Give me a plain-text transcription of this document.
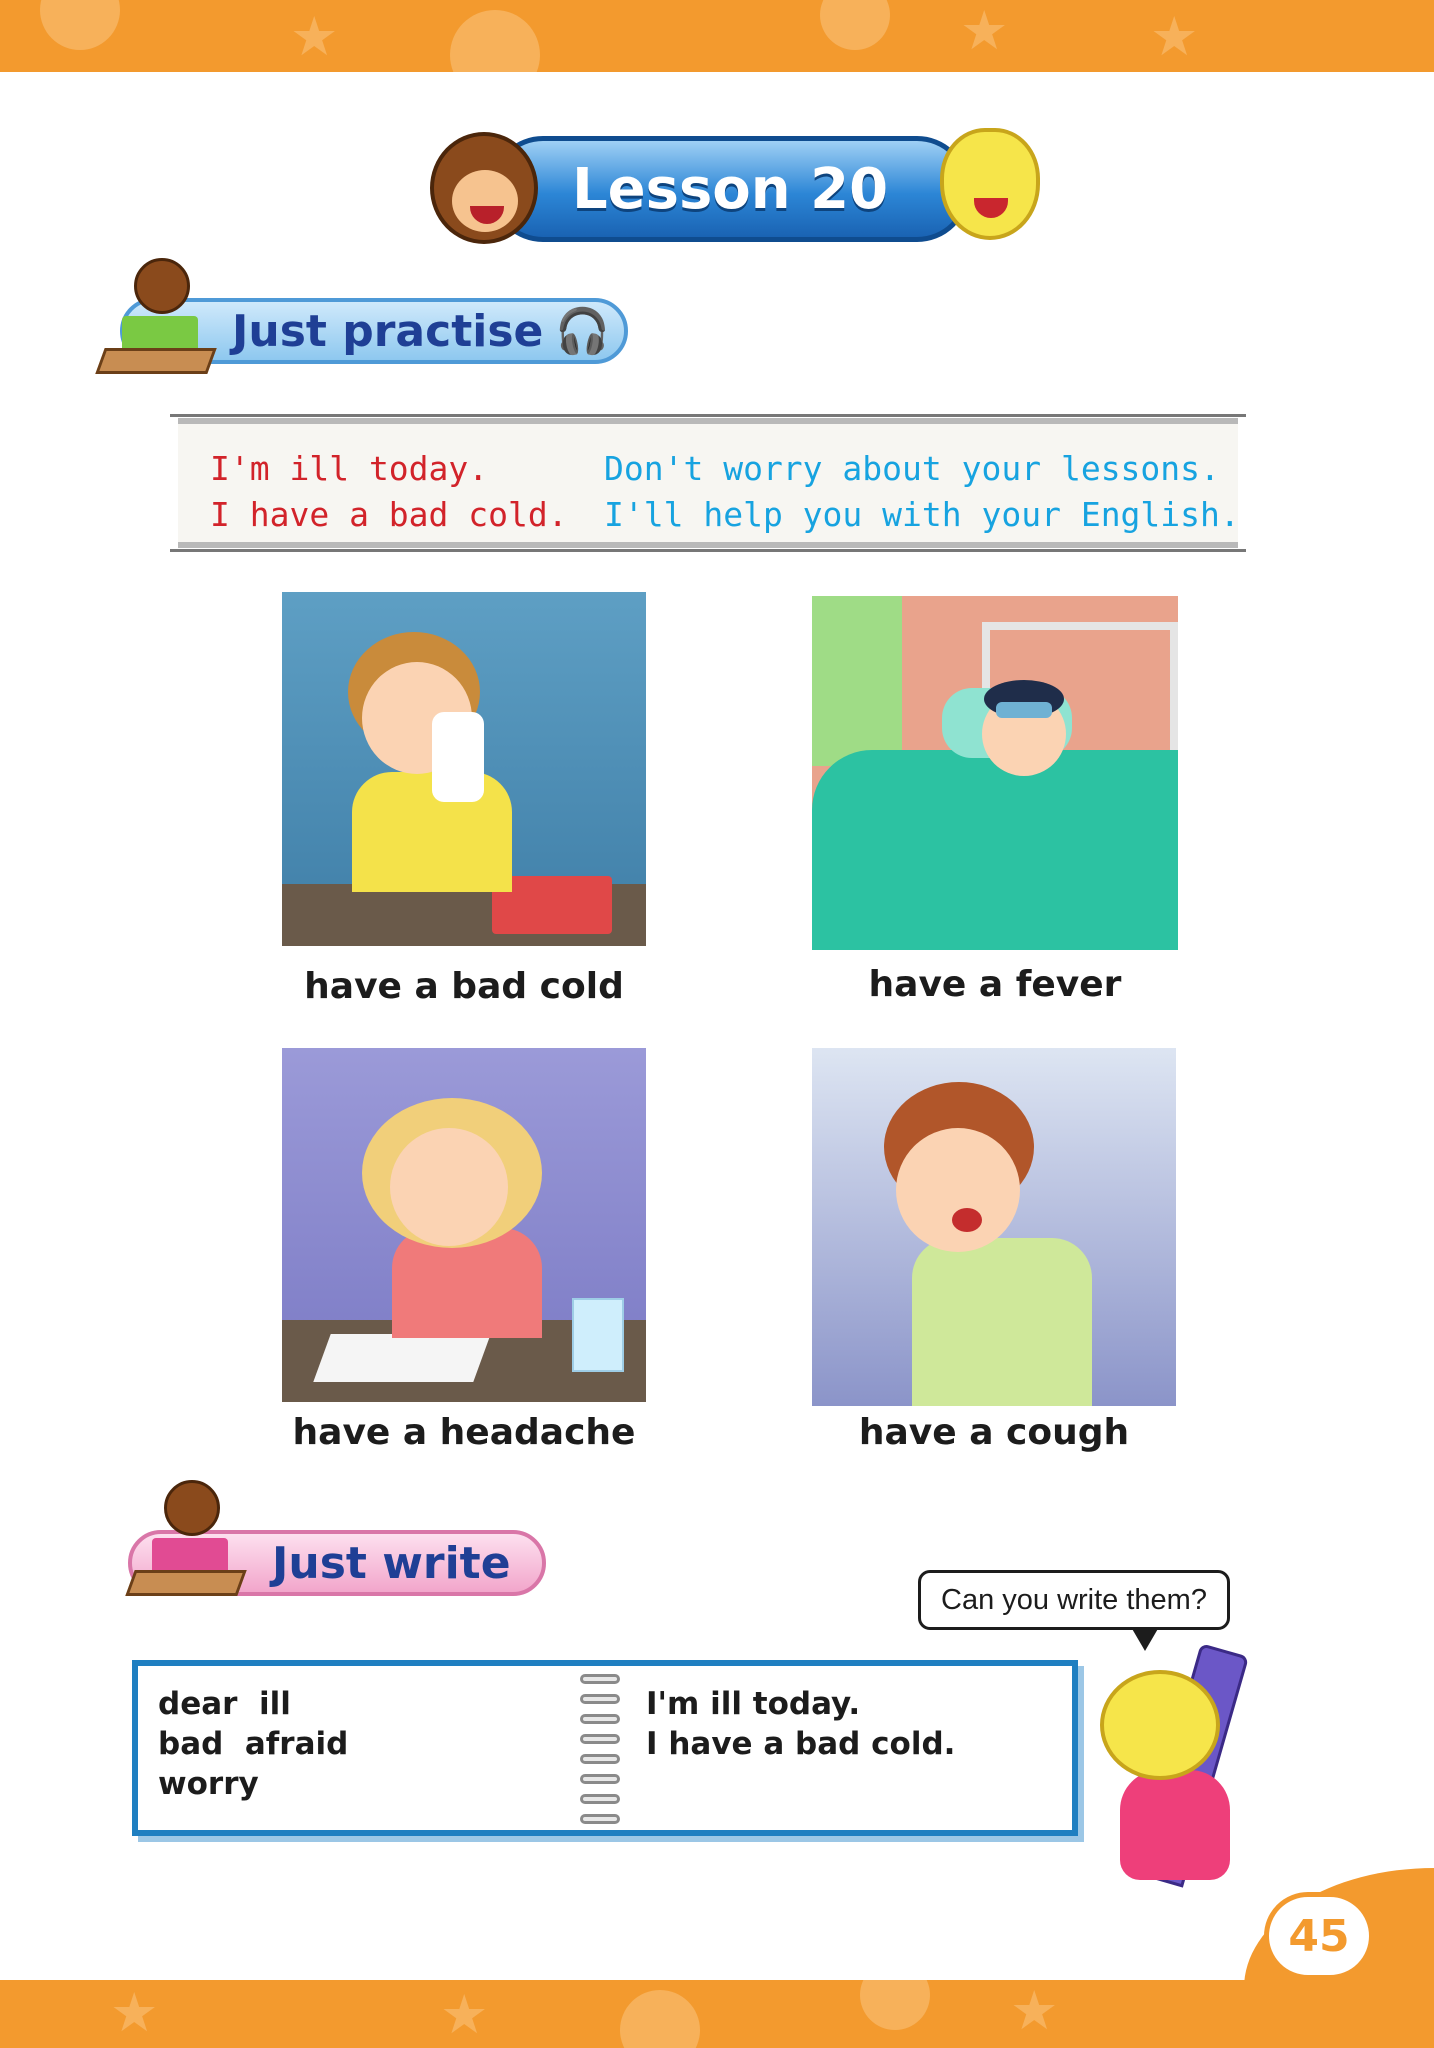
★	★	★
Lesson 20
Just practise 🎧
I'm ill today.
I have a bad cold.
Don't worry about your lessons.
I'll help you with your English.
have a bad cold	have a fever
have a headache	have a cough
Just write
Can you write them?
dear  ill
bad  afraid
worry
I'm ill today.
I have a bad cold.
★	★	★
45
